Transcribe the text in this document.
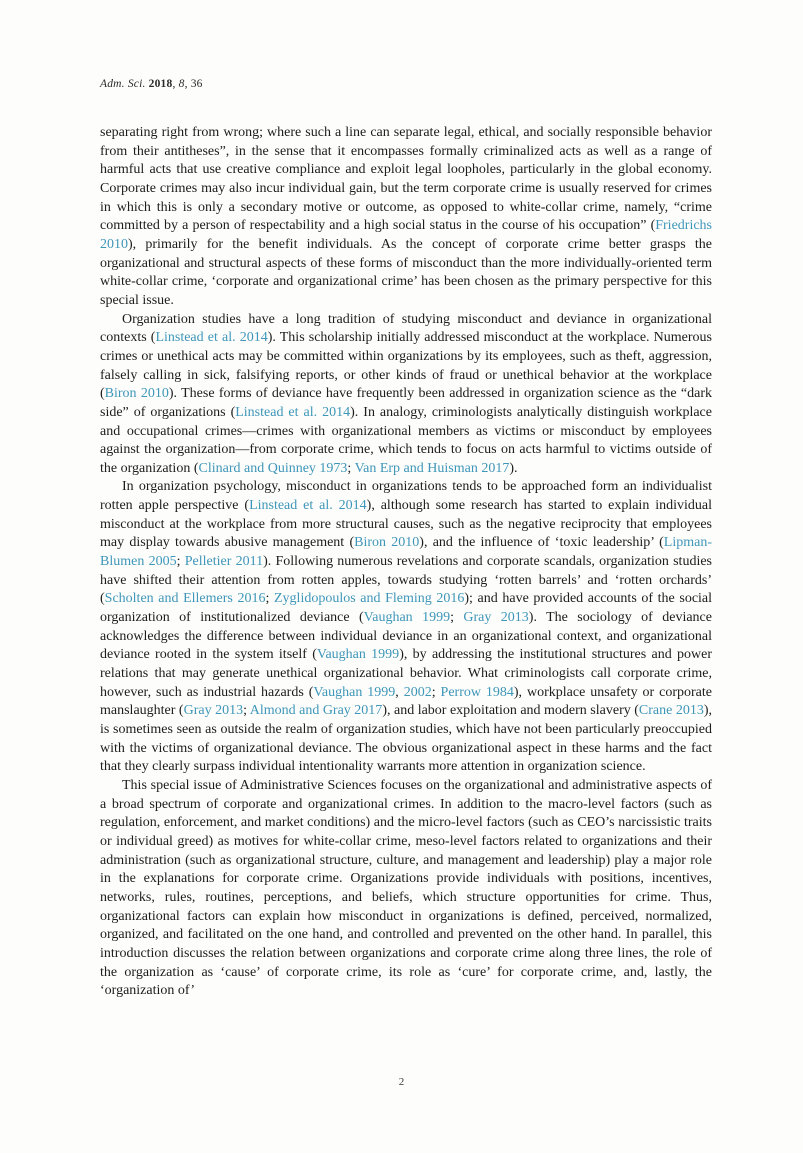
Adm. Sci. 2018, 8, 36

separating right from wrong; where such a line can separate legal, ethical, and socially responsible behavior from their antitheses”, in the sense that it encompasses formally criminalized acts as well as a range of harmful acts that use creative compliance and exploit legal loopholes, particularly in the global economy. Corporate crimes may also incur individual gain, but the term corporate crime is usually reserved for crimes in which this is only a secondary motive or outcome, as opposed to white-collar crime, namely, “crime committed by a person of respectability and a high social status in the course of his occupation” (Friedrichs 2010), primarily for the benefit individuals. As the concept of corporate crime better grasps the organizational and structural aspects of these forms of misconduct than the more individually-oriented term white-collar crime, ‘corporate and organizational crime’ has been chosen as the primary perspective for this special issue.

Organization studies have a long tradition of studying misconduct and deviance in organizational contexts (Linstead et al. 2014). This scholarship initially addressed misconduct at the workplace. Numerous crimes or unethical acts may be committed within organizations by its employees, such as theft, aggression, falsely calling in sick, falsifying reports, or other kinds of fraud or unethical behavior at the workplace (Biron 2010). These forms of deviance have frequently been addressed in organization science as the “dark side” of organizations (Linstead et al. 2014). In analogy, criminologists analytically distinguish workplace and occupational crimes—crimes with organizational members as victims or misconduct by employees against the organization—from corporate crime, which tends to focus on acts harmful to victims outside of the organization (Clinard and Quinney 1973; Van Erp and Huisman 2017).

In organization psychology, misconduct in organizations tends to be approached form an individualist rotten apple perspective (Linstead et al. 2014), although some research has started to explain individual misconduct at the workplace from more structural causes, such as the negative reciprocity that employees may display towards abusive management (Biron 2010), and the influence of ‘toxic leadership’ (Lipman-Blumen 2005; Pelletier 2011). Following numerous revelations and corporate scandals, organization studies have shifted their attention from rotten apples, towards studying ‘rotten barrels’ and ‘rotten orchards’ (Scholten and Ellemers 2016; Zyglidopoulos and Fleming 2016); and have provided accounts of the social organization of institutionalized deviance (Vaughan 1999; Gray 2013). The sociology of deviance acknowledges the difference between individual deviance in an organizational context, and organizational deviance rooted in the system itself (Vaughan 1999), by addressing the institutional structures and power relations that may generate unethical organizational behavior. What criminologists call corporate crime, however, such as industrial hazards (Vaughan 1999, 2002; Perrow 1984), workplace unsafety or corporate manslaughter (Gray 2013; Almond and Gray 2017), and labor exploitation and modern slavery (Crane 2013), is sometimes seen as outside the realm of organization studies, which have not been particularly preoccupied with the victims of organizational deviance. The obvious organizational aspect in these harms and the fact that they clearly surpass individual intentionality warrants more attention in organization science.

This special issue of Administrative Sciences focuses on the organizational and administrative aspects of a broad spectrum of corporate and organizational crimes. In addition to the macro-level factors (such as regulation, enforcement, and market conditions) and the micro-level factors (such as CEO’s narcissistic traits or individual greed) as motives for white-collar crime, meso-level factors related to organizations and their administration (such as organizational structure, culture, and management and leadership) play a major role in the explanations for corporate crime. Organizations provide individuals with positions, incentives, networks, rules, routines, perceptions, and beliefs, which structure opportunities for crime. Thus, organizational factors can explain how misconduct in organizations is defined, perceived, normalized, organized, and facilitated on the one hand, and controlled and prevented on the other hand. In parallel, this introduction discusses the relation between organizations and corporate crime along three lines, the role of the organization as ‘cause’ of corporate crime, its role as ‘cure’ for corporate crime, and, lastly, the ‘organization of’

2
